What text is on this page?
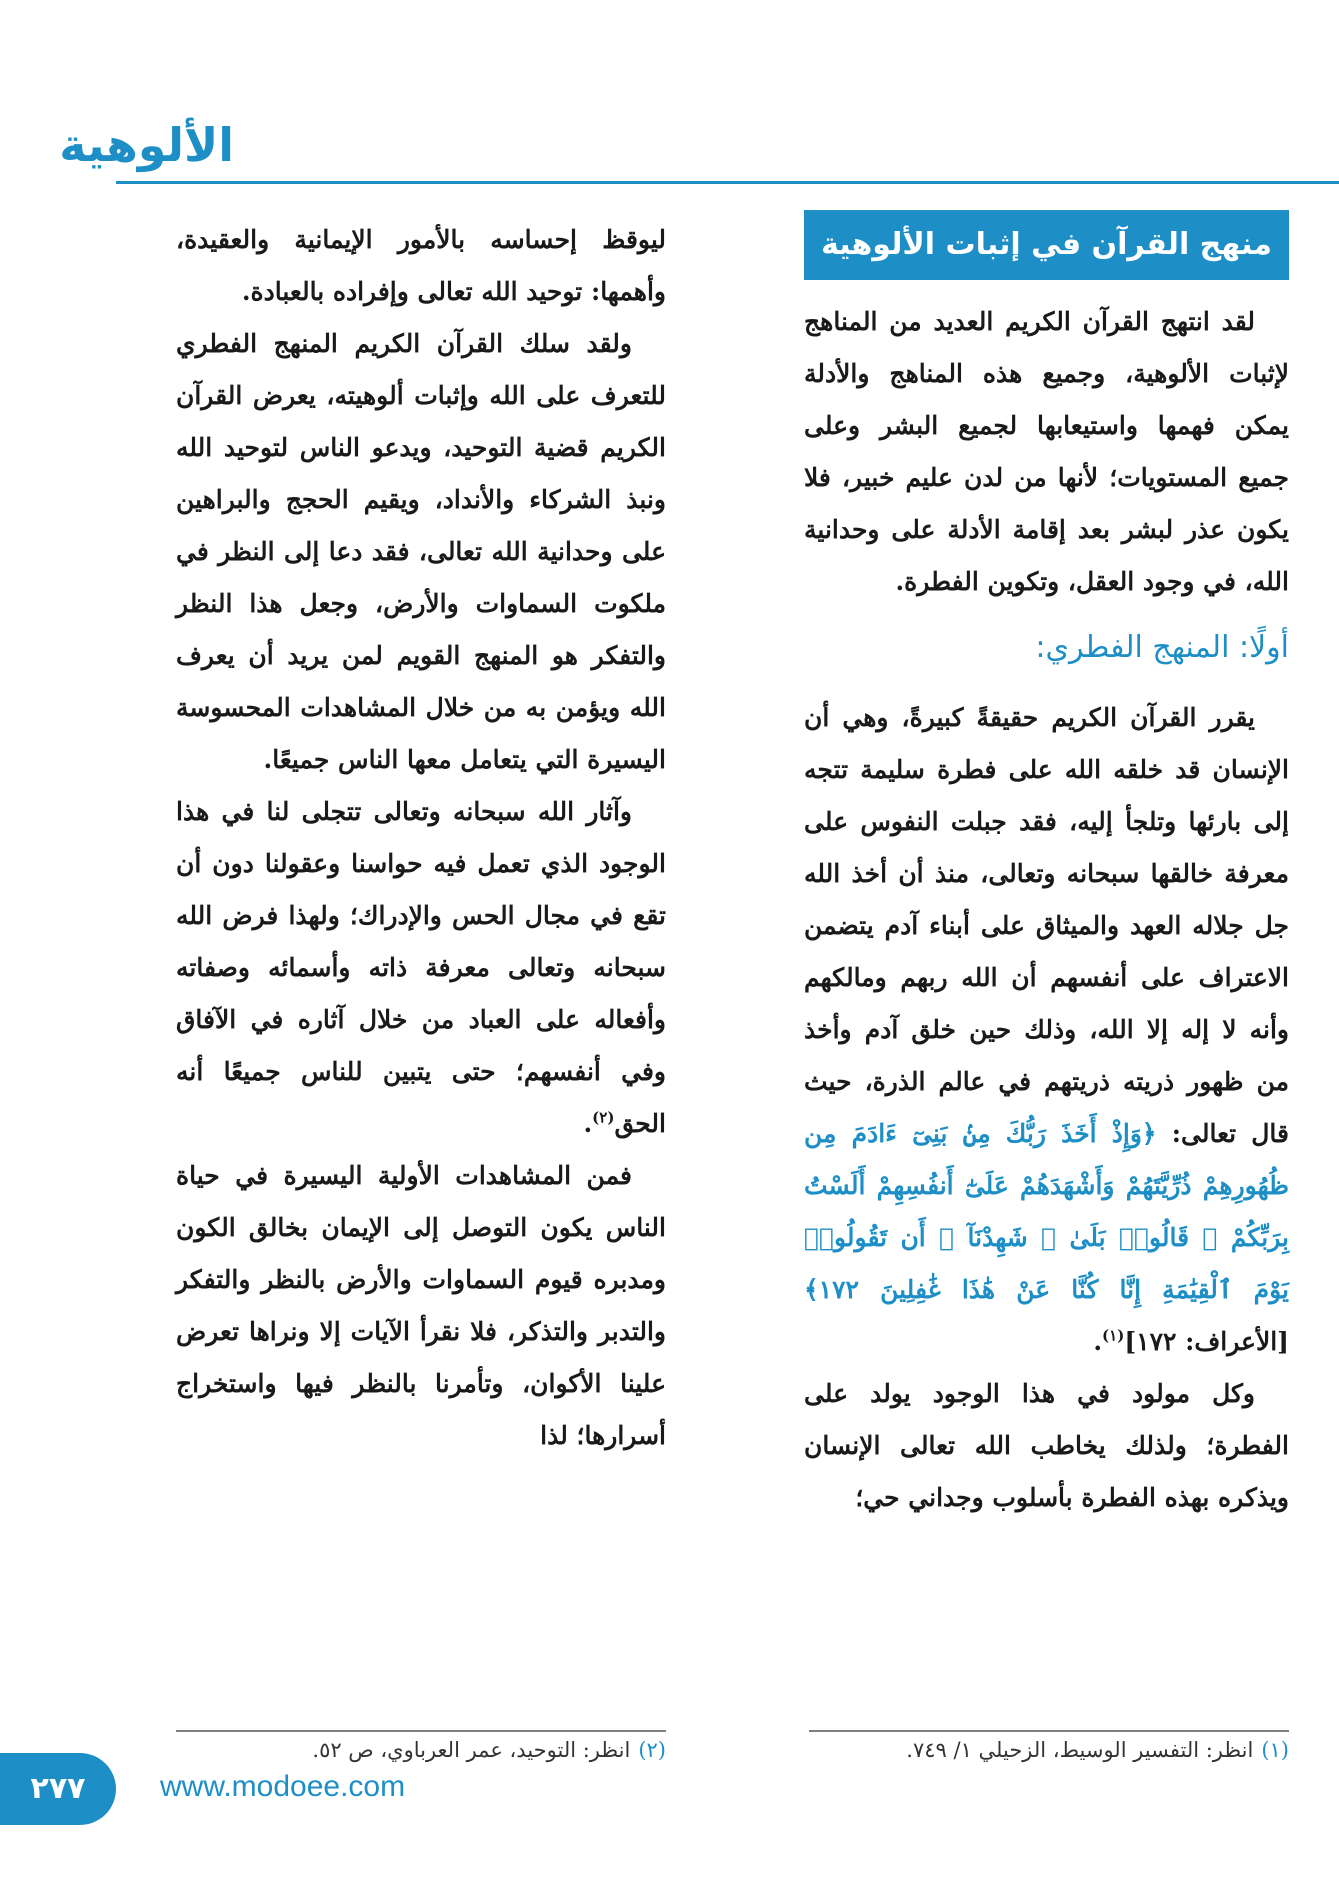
الألوهية
منهج القرآن في إثبات الألوهية

لقد انتهج القرآن الكريم العديد من المناهج لإثبات الألوهية، وجميع هذه المناهج والأدلة يمكن فهمها واستيعابها لجميع البشر وعلى جميع المستويات؛ لأنها من لدن عليم خبير، فلا يكون عذر لبشر بعد إقامة الأدلة على وحدانية الله، في وجود العقل، وتكوين الفطرة.

أولًا: المنهج الفطري:

يقرر القرآن الكريم حقيقةً كبيرةً، وهي أن الإنسان قد خلقه الله على فطرة سليمة تتجه إلى بارئها وتلجأ إليه، فقد جبلت النفوس على معرفة خالقها سبحانه وتعالى، منذ أن أخذ الله جل جلاله العهد والميثاق على أبناء آدم يتضمن الاعتراف على أنفسهم أن الله ربهم ومالكهم وأنه لا إله إلا الله، وذلك حين خلق آدم وأخذ من ظهور ذريته ذريتهم في عالم الذرة، حيث قال تعالى: ﴿وَإِذْ أَخَذَ رَبُّكَ مِنۢ بَنِىٓ ءَادَمَ مِن ظُهُورِهِمْ ذُرِّيَّتَهُمْ وَأَشْهَدَهُمْ عَلَىٰٓ أَنفُسِهِمْ أَلَسْتُ بِرَبِّكُمْ ۖ قَالُوا۟ بَلَىٰ ۛ شَهِدْنَآ ۛ أَن تَقُولُوا۟ يَوْمَ ٱلْقِيَٰمَةِ إِنَّا كُنَّا عَنْ هَٰذَا غَٰفِلِينَ ١٧٢﴾[الأعراف: ١٧٢]$^{(١)}$.

وكل مولود في هذا الوجود يولد على الفطرة؛ ولذلك يخاطب الله تعالى الإنسان ويذكره بهذه الفطرة بأسلوب وجداني حي؛

ليوقظ إحساسه بالأمور الإيمانية والعقيدة، وأهمها: توحيد الله تعالى وإفراده بالعبادة.

ولقد سلك القرآن الكريم المنهج الفطري للتعرف على الله وإثبات ألوهيته، يعرض القرآن الكريم قضية التوحيد، ويدعو الناس لتوحيد الله ونبذ الشركاء والأنداد، ويقيم الحجج والبراهين على وحدانية الله تعالى، فقد دعا إلى النظر في ملكوت السماوات والأرض، وجعل هذا النظر والتفكر هو المنهج القويم لمن يريد أن يعرف الله ويؤمن به من خلال المشاهدات المحسوسة اليسيرة التي يتعامل معها الناس جميعًا.

وآثار الله سبحانه وتعالى تتجلى لنا في هذا الوجود الذي تعمل فيه حواسنا وعقولنا دون أن تقع في مجال الحس والإدراك؛ ولهذا فرض الله سبحانه وتعالى معرفة ذاته وأسمائه وصفاته وأفعاله على العباد من خلال آثاره في الآفاق وفي أنفسهم؛ حتى يتبين للناس جميعًا أنه الحق$^{(٢)}$.

فمن المشاهدات الأولية اليسيرة في حياة الناس يكون التوصل إلى الإيمان بخالق الكون ومدبره قيوم السماوات والأرض بالنظر والتفكر والتدبر والتذكر، فلا نقرأ الآيات إلا ونراها تعرض علينا الأكوان، وتأمرنا بالنظر فيها واستخراج أسرارها؛ لذا

(١)انظر: التفسير الوسيط، الزحيلي ١/ ٧٤٩.
(٢)انظر: التوحيد، عمر العرباوي، ص ٥٢.
٢٧٧	www.modoee.com
